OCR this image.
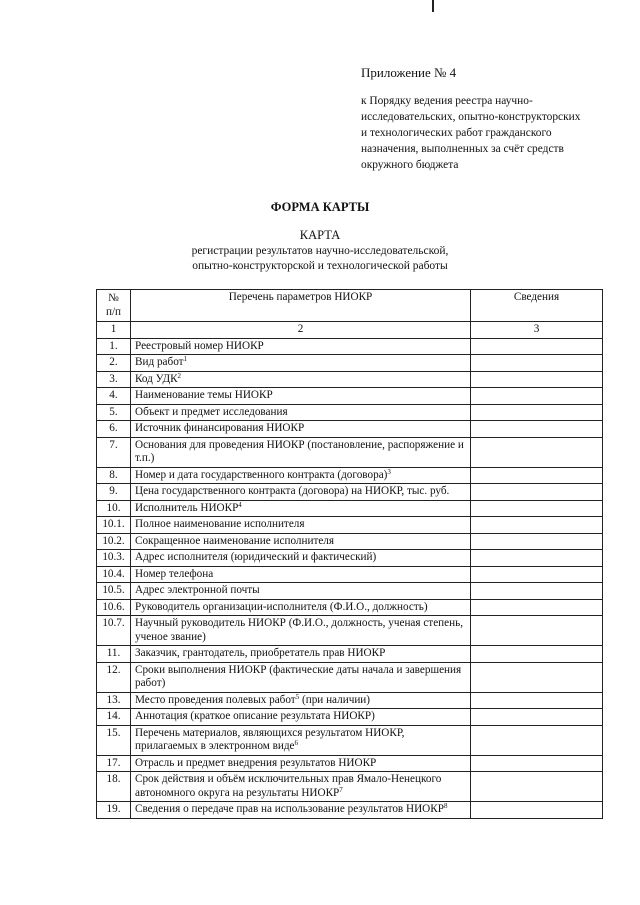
Приложение № 4
к Порядку ведения реестра научно-
исследовательских, опытно-конструкторских
и технологических работ гражданского
назначения, выполненных за счёт средств
окружного бюджета
ФОРМА КАРТЫ
КАРТА
регистрации результатов научно-исследовательской,
опытно-конструкторской и технологической работы
№
п/п	Перечень параметров НИОКР	Сведения
1	2	3
1.	Реестровый номер НИОКР	
2.	Вид работ$^1$	
3.	Код УДК$^2$	
4.	Наименование темы НИОКР	
5.	Объект и предмет исследования	
6.	Источник финансирования НИОКР	
7.	Основания для проведения НИОКР (постановление, распоряжение и т.п.)	
8.	Номер и дата государственного контракта (договора)$^3$	
9.	Цена государственного контракта (договора) на НИОКР, тыс. руб.	
10.	Исполнитель НИОКР$^4$	
10.1.	Полное наименование исполнителя	
10.2.	Сокращенное наименование исполнителя	
10.3.	Адрес исполнителя (юридический и фактический)	
10.4.	Номер телефона	
10.5.	Адрес электронной почты	
10.6.	Руководитель организации-исполнителя (Ф.И.О., должность)	
10.7.	Научный руководитель НИОКР (Ф.И.О., должность, ученая степень, ученое звание)	
11.	Заказчик, грантодатель, приобретатель прав НИОКР	
12.	Сроки выполнения НИОКР (фактические даты начала и завершения работ)	
13.	Место проведения полевых работ$^5$ (при наличии)	
14.	Аннотация (краткое описание результата НИОКР)	
15.	Перечень материалов, являющихся результатом НИОКР, прилагаемых в электронном виде$^6$	
17.	Отрасль и предмет внедрения результатов НИОКР	
18.	Срок действия и объём исключительных прав Ямало-Ненецкого автономного округа на результаты НИОКР$^7$	
19.	Сведения о передаче прав на использование результатов НИОКР$^8$	
